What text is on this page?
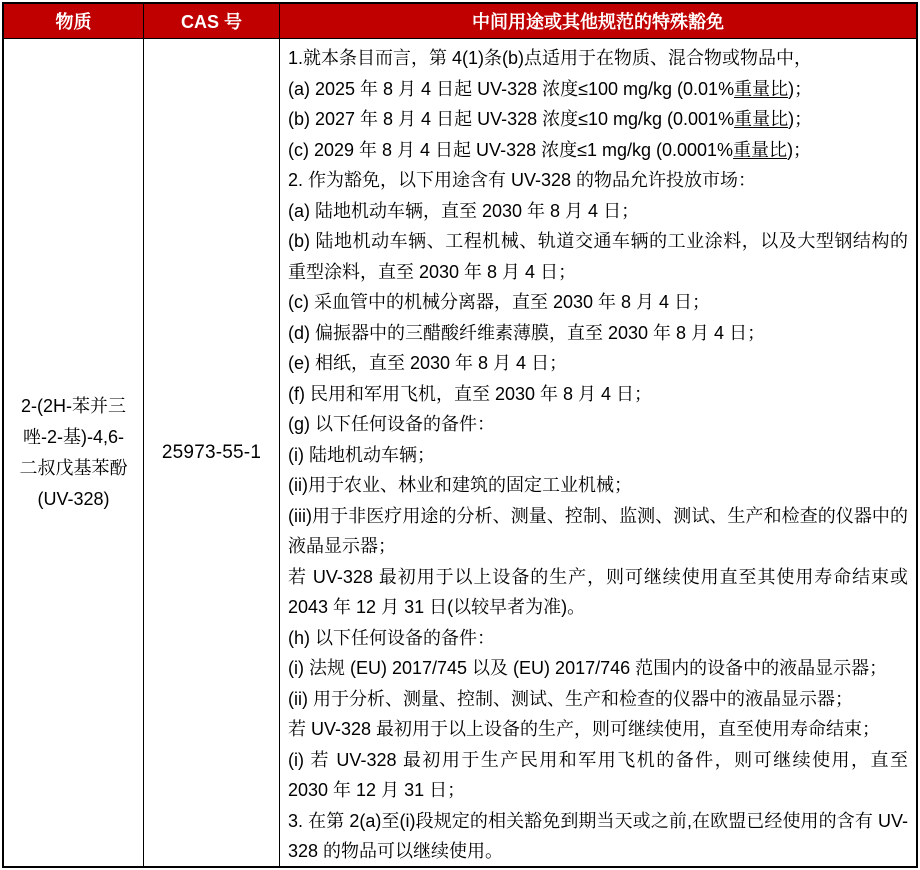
物质	CAS 号	中间用途或其他规范的特殊豁免
2-(2H-苯并三
唑-2-基)-4,6-
二叔戊基苯酚
(UV-328)
25973-55-1

1.就本条目而言，第 4(1)条(b)点适用于在物质、混合物或物品中，

(a) 2025 年 8 月 4 日起 UV-328 浓度≤100 mg/kg (0.01%重量比)；

(b) 2027 年 8 月 4 日起 UV-328 浓度≤10 mg/kg (0.001%重量比)；

(c) 2029 年 8 月 4 日起 UV-328 浓度≤1 mg/kg (0.0001%重量比)；

2. 作为豁免，以下用途含有 UV-328 的物品允许投放市场：

(a) 陆地机动车辆，直至 2030 年 8 月 4 日；

(b) 陆地机动车辆、工程机械、轨道交通车辆的工业涂料，以及大型钢结构的重型涂料，直至 2030 年 8 月 4 日；

(c) 采血管中的机械分离器，直至 2030 年 8 月 4 日；

(d) 偏振器中的三醋酸纤维素薄膜，直至 2030 年 8 月 4 日；

(e) 相纸，直至 2030 年 8 月 4 日；

(f) 民用和军用飞机，直至 2030 年 8 月 4 日；

(g) 以下任何设备的备件：

(i) 陆地机动车辆；

(ii)用于农业、林业和建筑的固定工业机械；

(iii)用于非医疗用途的分析、测量、控制、监测、测试、生产和检查的仪器中的液晶显示器；

若 UV-328 最初用于以上设备的生产，则可继续使用直至其使用寿命结束或 2043 年 12 月 31 日(以较早者为准)。

(h) 以下任何设备的备件：

(i) 法规 (EU) 2017/745 以及 (EU) 2017/746 范围内的设备中的液晶显示器；

(ii) 用于分析、测量、控制、测试、生产和检查的仪器中的液晶显示器；

若 UV-328 最初用于以上设备的生产，则可继续使用，直至使用寿命结束；

(i) 若 UV-328 最初用于生产民用和军用飞机的备件，则可继续使用，直至 2030 年 12 月 31 日；

3. 在第 2(a)至(i)段规定的相关豁免到期当天或之前,在欧盟已经使用的含有 UV-328 的物品可以继续使用。
